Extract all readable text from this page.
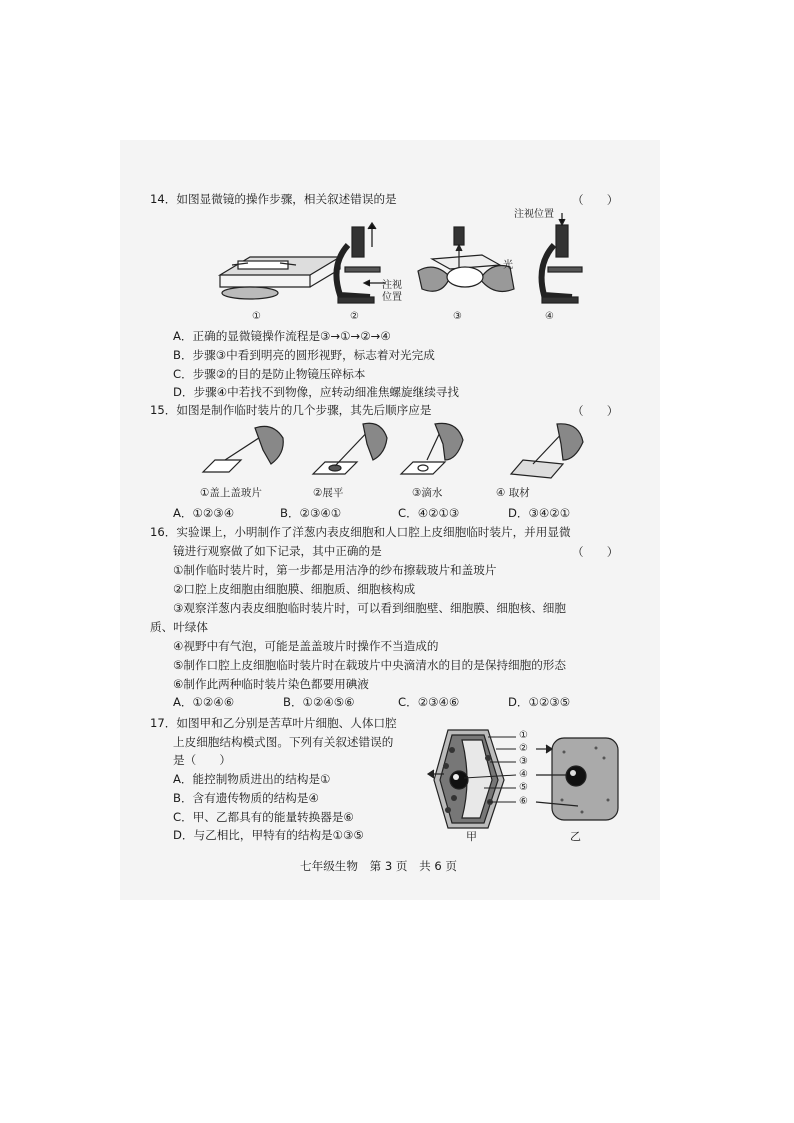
14．如图显微镜的操作步骤，相关叙述错误的是	（　　）
注视位置
注视
位置
光
①	②	③	④
A．正确的显微镜操作流程是③→①→②→④
B．步骤③中看到明亮的圆形视野，标志着对光完成
C．步骤②的目的是防止物镜压碎标本
D．步骤④中若找不到物像，应转动细准焦螺旋继续寻找
15．如图是制作临时装片的几个步骤，其先后顺序应是	（　　）
①盖上盖玻片	②展平	③滴水	④ 取材
A．①②③④	B．②③④①	C．④②①③	D．③④②①
16．实验课上，小明制作了洋葱内表皮细胞和人口腔上皮细胞临时装片，并用显微
镜进行观察做了如下记录，其中正确的是	（　　）
①制作临时装片时，第一步都是用洁净的纱布擦载玻片和盖玻片
②口腔上皮细胞由细胞膜、细胞质、细胞核构成
③观察洋葱内表皮细胞临时装片时，可以看到细胞壁、细胞膜、细胞核、细胞
质、叶绿体
④视野中有气泡，可能是盖盖玻片时操作不当造成的
⑤制作口腔上皮细胞临时装片时在载玻片中央滴清水的目的是保持细胞的形态
⑥制作此两种临时装片染色都要用碘液
A．①②④⑥	B．①②④⑤⑥	C．②③④⑥	D．①②③⑤
17．如图甲和乙分别是苦草叶片细胞、人体口腔
上皮细胞结构模式图。下列有关叙述错误的
是（　　）
A．能控制物质进出的结构是①
B．含有遗传物质的结构是④
C．甲、乙都具有的能量转换器是⑥
D．与乙相比，甲特有的结构是①③⑤
①
②
③
④
⑤
⑥
甲	乙
七年级生物　第 3 页　共 6 页
